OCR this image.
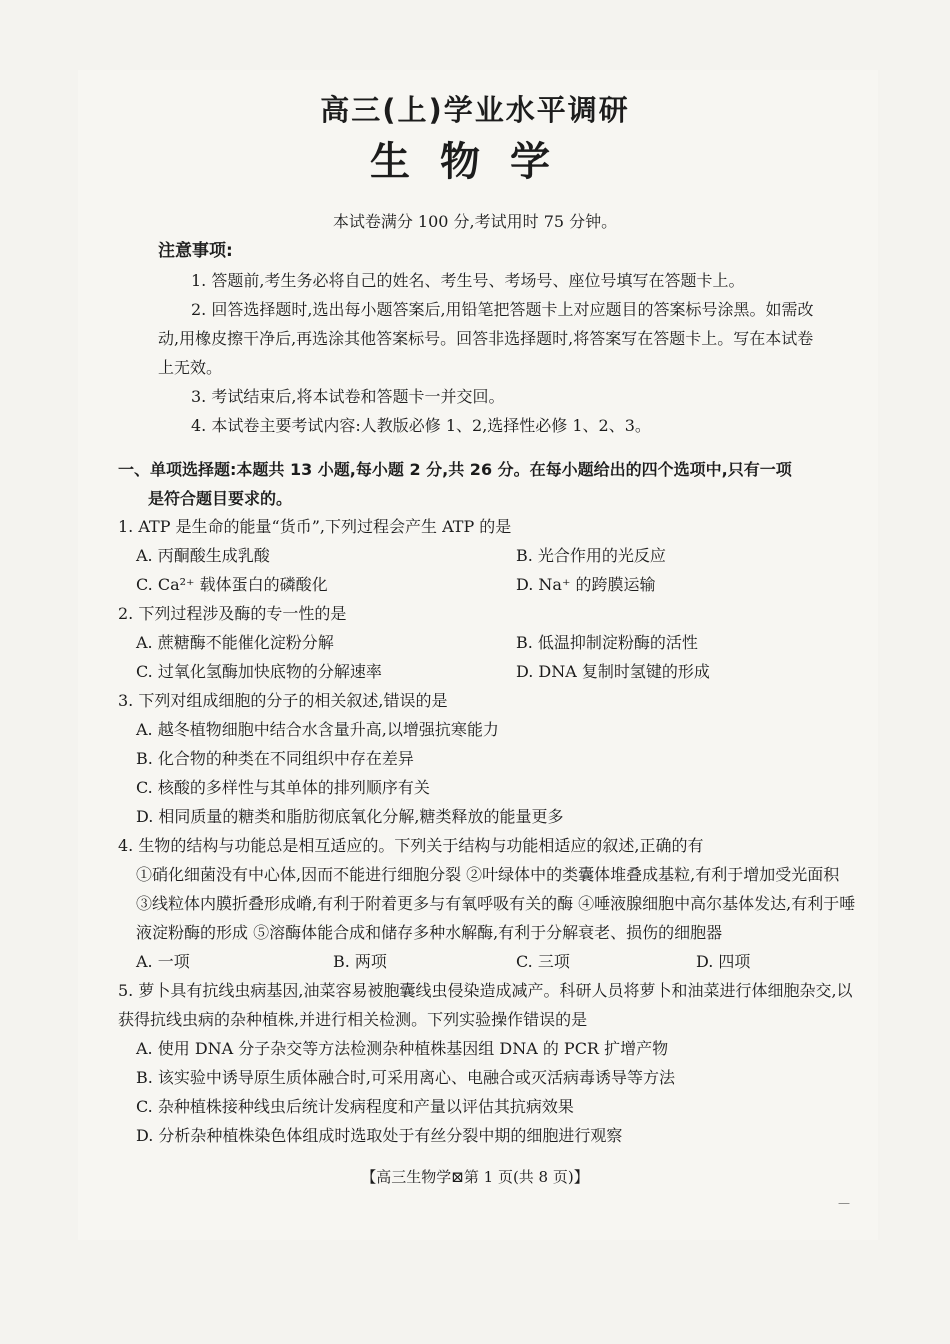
高三(上)学业水平调研
生物学
本试卷满分 100 分,考试用时 75 分钟。
注意事项:

1. 答题前,考生务必将自己的姓名、考生号、考场号、座位号填写在答题卡上。

2. 回答选择题时,选出每小题答案后,用铅笔把答题卡上对应题目的答案标号涂黑。如需改动,用橡皮擦干净后,再选涂其他答案标号。回答非选择题时,将答案写在答题卡上。写在本试卷上无效。

3. 考试结束后,将本试卷和答题卡一并交回。

4. 本试卷主要考试内容:人教版必修 1、2,选择性必修 1、2、3。

一、单项选择题:本题共 13 小题,每小题 2 分,共 26 分。在每小题给出的四个选项中,只有一项
是符合题目要求的。
1. ATP 是生命的能量“货币”,下列过程会产生 ATP 的是
A. 丙酮酸生成乳酸	B. 光合作用的光反应
C. Ca²⁺ 载体蛋白的磷酸化	D. Na⁺ 的跨膜运输
2. 下列过程涉及酶的专一性的是
A. 蔗糖酶不能催化淀粉分解	B. 低温抑制淀粉酶的活性
C. 过氧化氢酶加快底物的分解速率	D. DNA 复制时氢键的形成
3. 下列对组成细胞的分子的相关叙述,错误的是
A. 越冬植物细胞中结合水含量升高,以增强抗寒能力
B. 化合物的种类在不同组织中存在差异
C. 核酸的多样性与其单体的排列顺序有关
D. 相同质量的糖类和脂肪彻底氧化分解,糖类释放的能量更多
4. 生物的结构与功能总是相互适应的。下列关于结构与功能相适应的叙述,正确的有
①硝化细菌没有中心体,因而不能进行细胞分裂 ②叶绿体中的类囊体堆叠成基粒,有利于增加受光面积 ③线粒体内膜折叠形成嵴,有利于附着更多与有氧呼吸有关的酶 ④唾液腺细胞中高尔基体发达,有利于唾液淀粉酶的形成 ⑤溶酶体能合成和储存多种水解酶,有利于分解衰老、损伤的细胞器
A. 一项	B. 两项	C. 三项	D. 四项
5. 萝卜具有抗线虫病基因,油菜容易被胞囊线虫侵染造成减产。科研人员将萝卜和油菜进行体细胞杂交,以获得抗线虫病的杂种植株,并进行相关检测。下列实验操作错误的是
A. 使用 DNA 分子杂交等方法检测杂种植株基因组 DNA 的 PCR 扩增产物
B. 该实验中诱导原生质体融合时,可采用离心、电融合或灭活病毒诱导等方法
C. 杂种植株接种线虫后统计发病程度和产量以评估其抗病效果
D. 分析杂种植株染色体组成时选取处于有丝分裂中期的细胞进行观察
【高三生物学⊠第 1 页(共 8 页)】
—
